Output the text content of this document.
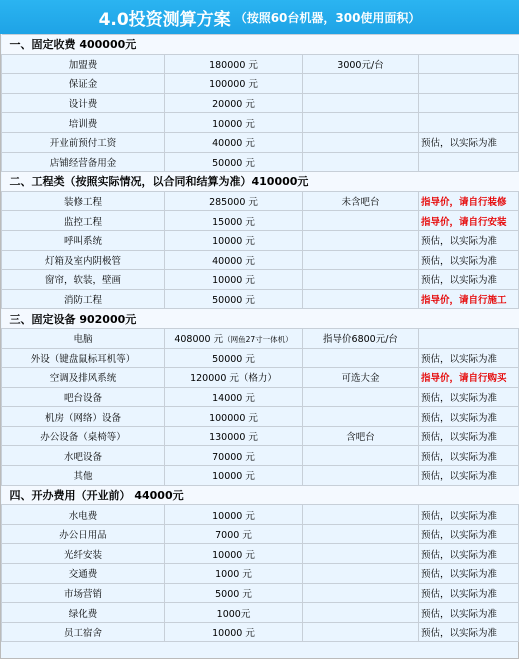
4.0投资测算方案 （按照60台机器，300使用面积）
一、固定收费 400000元			
加盟费	180000 元	3000元/台	
保证金	100000 元		
设计费	20000 元		
培训费	10000 元		
开业前预付工资	40000 元		预估，以实际为准
店铺经营备用金	50000 元		
二、工程类（按照实际情况，以合同和结算为准）410000元			
装修工程	285000 元	未含吧台	指导价，请自行装修
监控工程	15000 元		指导价，请自行安装
呼叫系统	10000 元		预估，以实际为准
灯箱及室内阴极管	40000 元		预估，以实际为准
窗帘，软装，壁画	10000 元		预估，以实际为准
消防工程	50000 元		指导价，请自行施工
三、固定设备 902000元			
电脑	408000 元（网鱼27寸一体机）	指导价6800元/台	
外设（键盘鼠标耳机等）	50000 元		预估，以实际为准
空调及排风系统	120000 元（格力）	可选大金	指导价，请自行购买
吧台设备	14000 元		预估，以实际为准
机房（网络）设备	100000 元		预估，以实际为准
办公设备（桌椅等）	130000 元	含吧台	预估，以实际为准
水吧设备	70000 元		预估，以实际为准
其他	10000 元		预估，以实际为准
四、开办费用（开业前） 44000元			
水电费	10000 元		预估，以实际为准
办公日用品	7000 元		预估，以实际为准
光纤安装	10000 元		预估，以实际为准
交通费	1000 元		预估，以实际为准
市场营销	5000 元		预估，以实际为准
绿化费	1000元		预估，以实际为准
员工宿舍	10000 元		预估，以实际为准
